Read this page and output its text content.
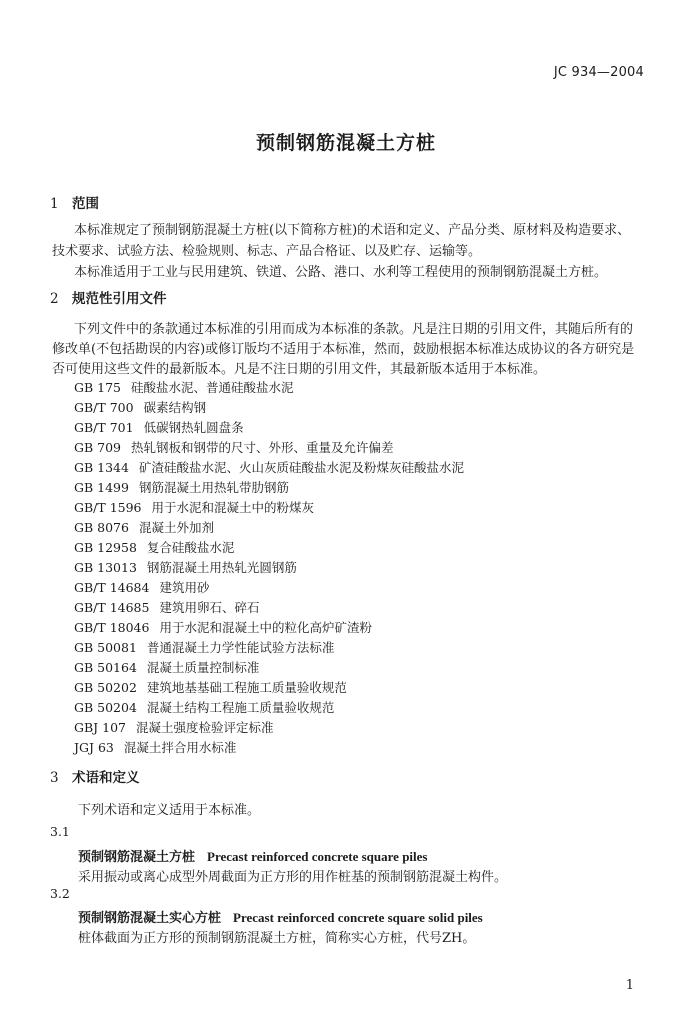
JC 934—2004
预制钢筋混凝土方桩
1 范围
本标准规定了预制钢筋混凝土方桩(以下简称方桩)的术语和定义、产品分类、原材料及构造要求、
技术要求、试验方法、检验规则、标志、产品合格证、以及贮存、运输等。
本标准适用于工业与民用建筑、铁道、公路、港口、水利等工程使用的预制钢筋混凝土方桩。
2 规范性引用文件
下列文件中的条款通过本标准的引用而成为本标准的条款。凡是注日期的引用文件，其随后所有的
修改单(不包括勘误的内容)或修订版均不适用于本标准，然而，鼓励根据本标准达成协议的各方研究是
否可使用这些文件的最新版本。凡是不注日期的引用文件，其最新版本适用于本标准。
GB 175 硅酸盐水泥、普通硅酸盐水泥
GB/T 700 碳素结构钢
GB/T 701 低碳钢热轧圆盘条
GB 709 热轧钢板和钢带的尺寸、外形、重量及允许偏差
GB 1344 矿渣硅酸盐水泥、火山灰质硅酸盐水泥及粉煤灰硅酸盐水泥
GB 1499 钢筋混凝土用热轧带肋钢筋
GB/T 1596 用于水泥和混凝土中的粉煤灰
GB 8076 混凝土外加剂
GB 12958 复合硅酸盐水泥
GB 13013 钢筋混凝土用热轧光圆钢筋
GB/T 14684 建筑用砂
GB/T 14685 建筑用卵石、碎石
GB/T 18046 用于水泥和混凝土中的粒化高炉矿渣粉
GB 50081 普通混凝土力学性能试验方法标准
GB 50164 混凝土质量控制标准
GB 50202 建筑地基基础工程施工质量验收规范
GB 50204 混凝土结构工程施工质量验收规范
GBJ 107 混凝土强度检验评定标准
JGJ 63 混凝土拌合用水标准
3 术语和定义
下列术语和定义适用于本标准。
3.1
预制钢筋混凝土方桩 Precast reinforced concrete square piles
采用振动或离心成型外周截面为正方形的用作桩基的预制钢筋混凝土构件。
3.2
预制钢筋混凝土实心方桩 Precast reinforced concrete square solid piles
桩体截面为正方形的预制钢筋混凝土方桩，简称实心方桩，代号ZH。
1
